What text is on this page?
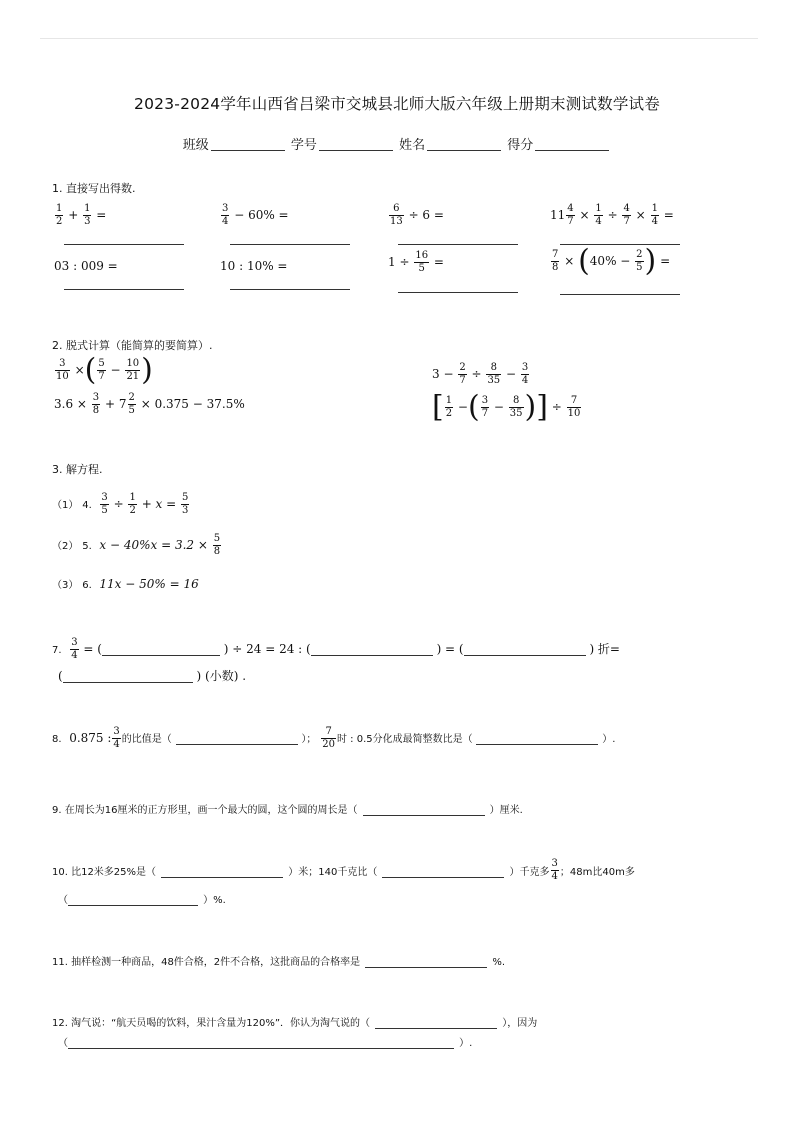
2023-2024学年山西省吕梁市交城县北师大版六年级上册期末测试数学试卷
班级	学号	姓名	得分
1. 直接写出得数.
$\frac{1}{2} + \frac{1}{3}$ =	$\frac{3}{4} - 60\%$ =	$\frac{6}{13} \div 6$ =	$11 \frac{4}{7} \times \frac{1}{4} \div \frac{4}{7} \times \frac{1}{4}$ =
03 : 009 =	10 : 10% =	$1 \div \frac{16}{5}$ =	$\frac{7}{8} \times (40\% - \frac{2}{5}$ ) =
2. 脱式计算（能简算的要简算）.
$\frac{3}{10}$ ×( $\frac{5}{7} - \frac{10}{21}$ )
$3.6 \times \frac{3}{8} + 7 \frac{2}{5} \times 0.375 - 37.5\%$
$3 - \frac{2}{7} \div \frac{8}{35} - \frac{3}{4}$
[ $\frac{1}{2}$ −( $\frac{3}{7} - \frac{8}{35}$ )] ÷ $\frac{7}{10}$
3. 解方程.
（1） 4. $\frac{3}{5} \div \frac{1}{2} + x = \frac{5}{3}$
（2） 5. $x - 40\%x = 3.2 \times \frac{5}{8}$
（3） 6. 11x − 50% = 16
7. $\frac{3}{4}$ = (	) ÷ 24 = 24 : (	) = (	) 折=
(	) (小数) .
8. 0.875 : $\frac{3}{4}$ 的比值是（	）； $\frac{7}{20}$ 时 : 0.5分化成最简整数比是（	）.
9. 在周长为16厘米的正方形里，画一个最大的圆，这个圆的周长是（	）厘米.
10. 比12米多25%是（	）米；140千克比（	）千克多 $\frac{3}{4}$ ；48m比40m多
（	）%.
11. 抽样检测一种商品，48件合格，2件不合格，这批商品的合格率是	%.
12. 淘气说：“航天员喝的饮料，果汁含量为120%”．你认为淘气说的（	），因为
（	）.
